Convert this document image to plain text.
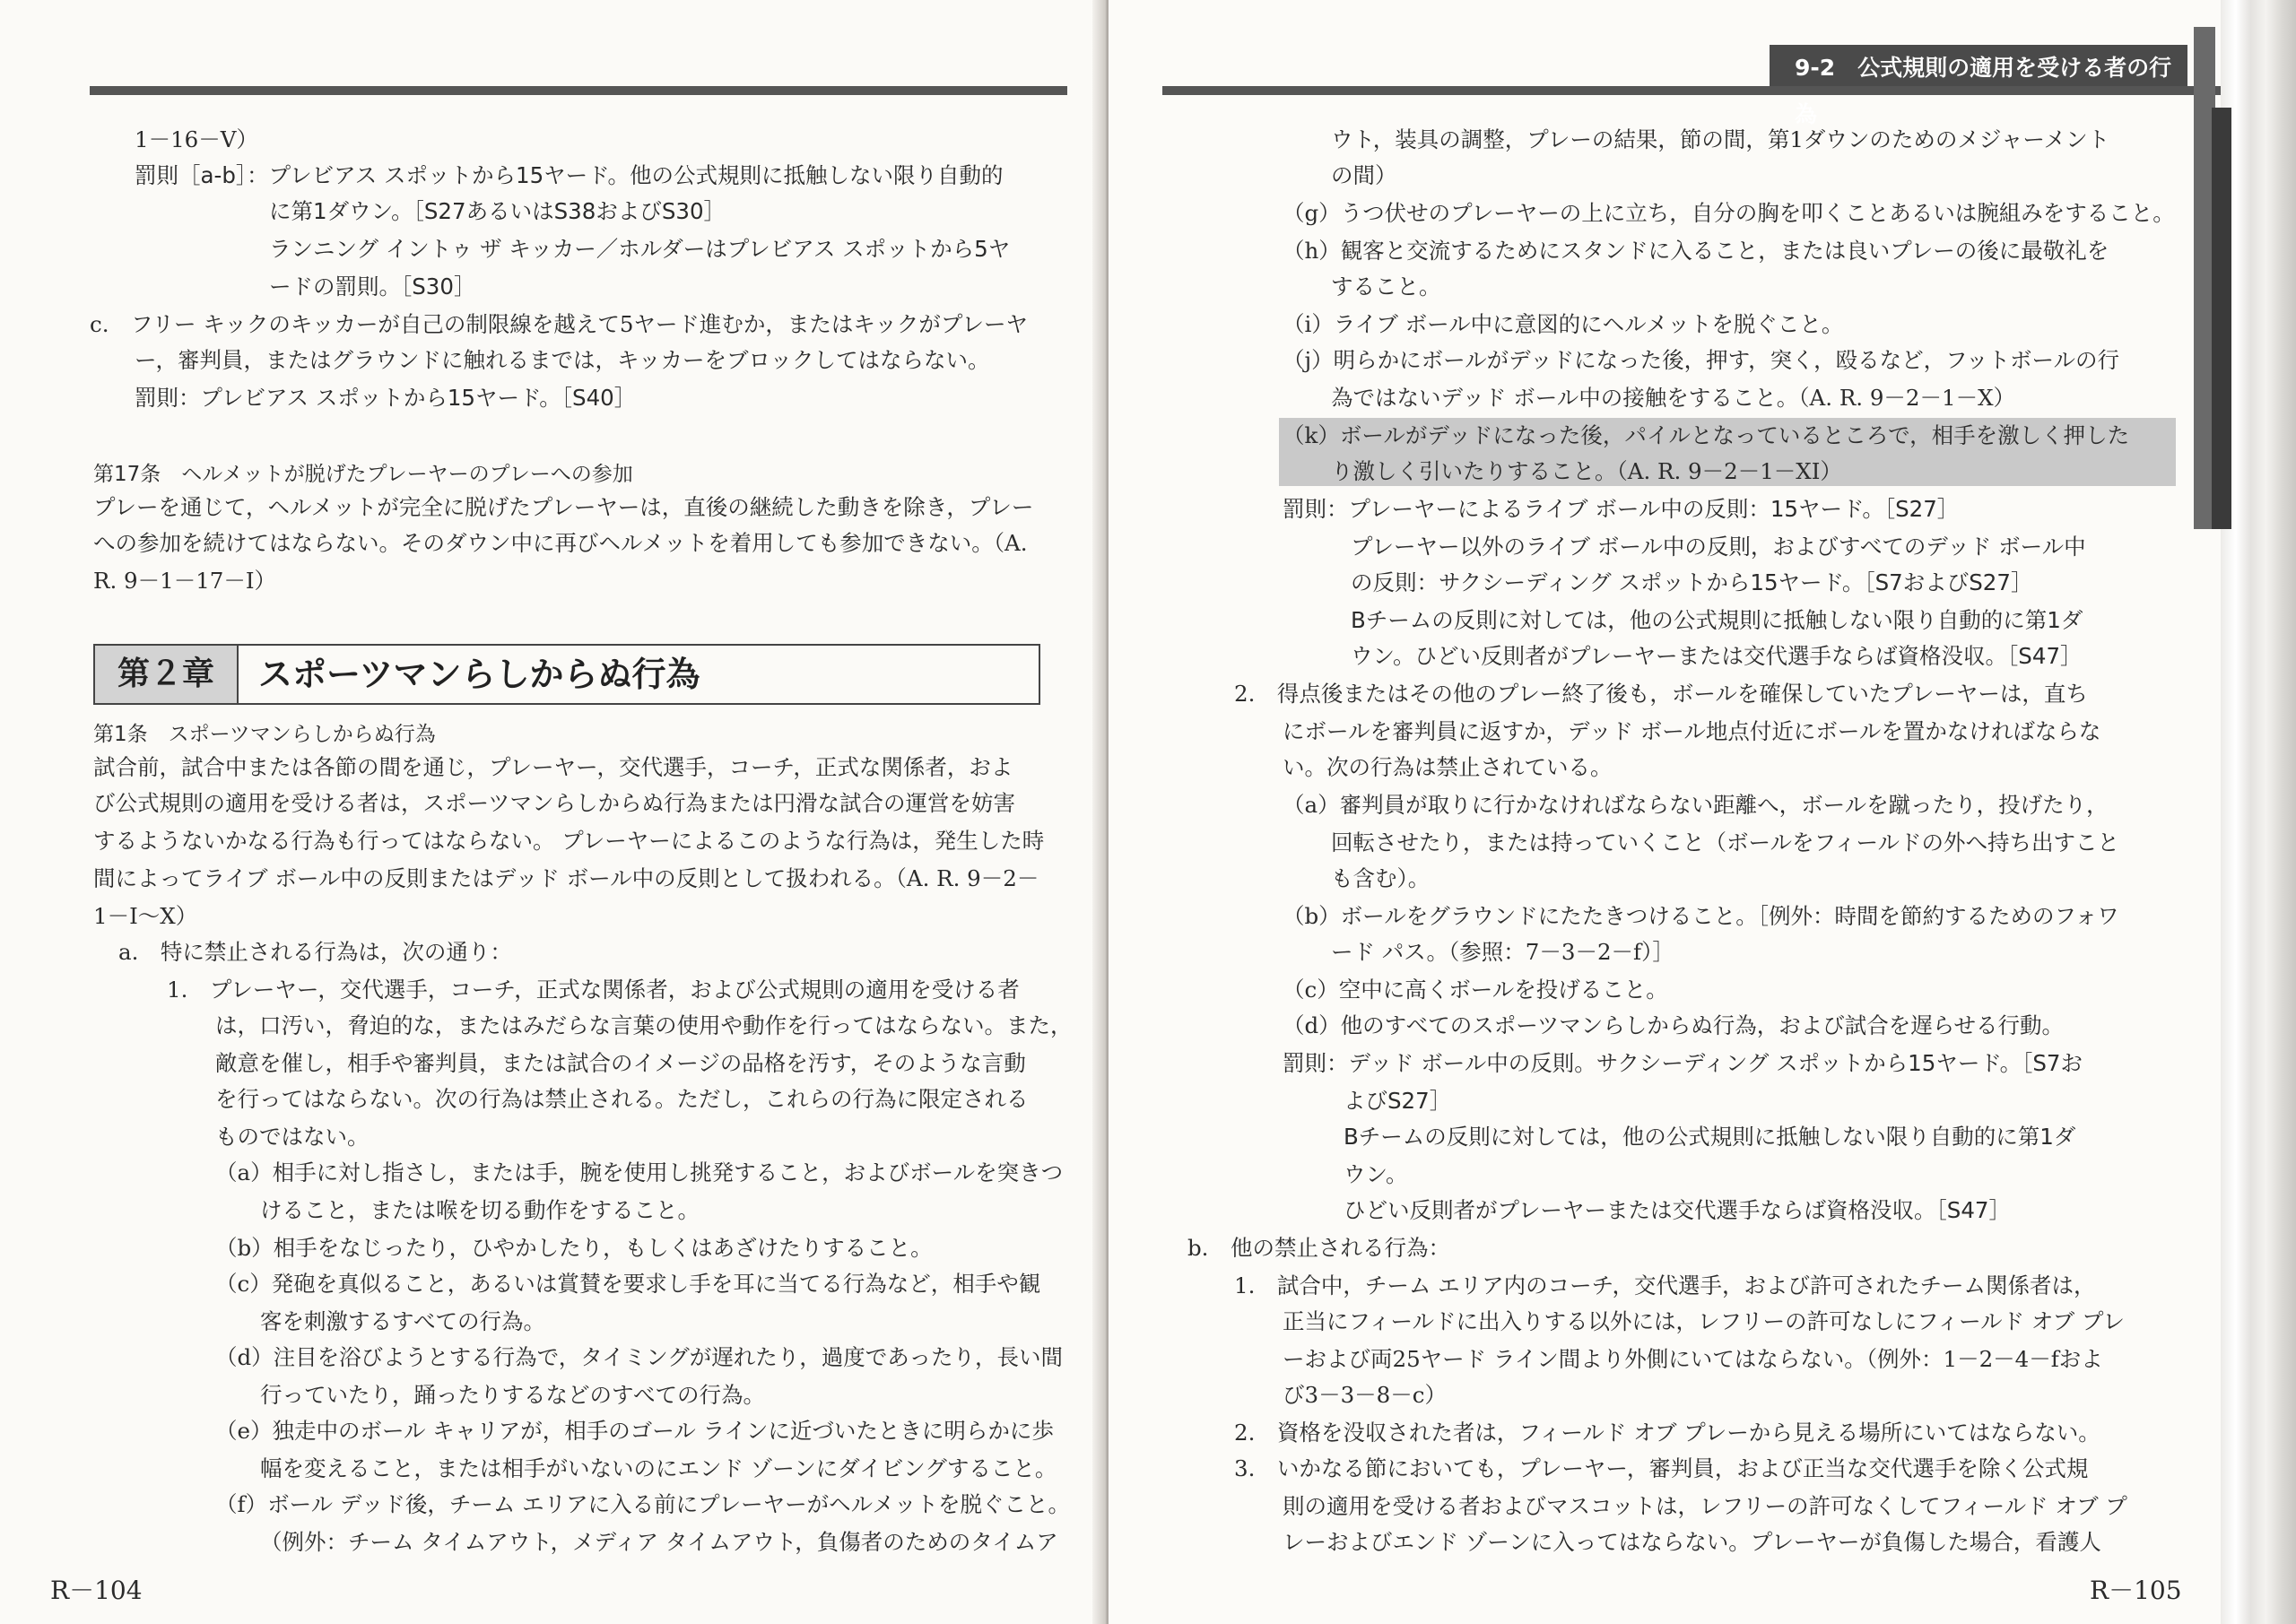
1－16－V）
罰則［a-b］：プレビアス スポットから15ヤード。他の公式規則に抵触しない限り自動的
に第1ダウン。［S27あるいはS38およびS30］
ランニング イントゥ ザ キッカー／ホルダーはプレビアス スポットから5ヤ
ードの罰則。［S30］
c.　フリー キックのキッカーが自己の制限線を越えて5ヤード進むか，またはキックがプレーヤ
ー，審判員，またはグラウンドに触れるまでは，キッカーをブロックしてはならない。
罰則：プレビアス スポットから15ヤード。［S40］
プレーを通じて，ヘルメットが完全に脱げたプレーヤーは，直後の継続した動きを除き，プレー
への参加を続けてはならない。そのダウン中に再びヘルメットを着用しても参加できない。（A.
R. 9－1－17－I）
試合前，試合中または各節の間を通じ，プレーヤー，交代選手，コーチ，正式な関係者，およ
び公式規則の適用を受ける者は，スポーツマンらしからぬ行為または円滑な試合の運営を妨害
するようないかなる行為も行ってはならない。 プレーヤーによるこのような行為は，発生した時
間によってライブ ボール中の反則またはデッド ボール中の反則として扱われる。（A. R. 9－2－
1－I～X）
a.　特に禁止される行為は，次の通り：
1.　プレーヤー，交代選手，コーチ，正式な関係者，および公式規則の適用を受ける者
は，口汚い，脅迫的な，またはみだらな言葉の使用や動作を行ってはならない。また，
敵意を催し，相手や審判員，または試合のイメージの品格を汚す，そのような言動
を行ってはならない。次の行為は禁止される。ただし，これらの行為に限定される
ものではない。
（a）相手に対し指さし，または手，腕を使用し挑発すること，およびボールを突きつ
けること，または喉を切る動作をすること。
（b）相手をなじったり，ひやかしたり，もしくはあざけたりすること。
（c）発砲を真似ること，あるいは賞賛を要求し手を耳に当てる行為など，相手や観
客を刺激するすべての行為。
（d）注目を浴びようとする行為で，タイミングが遅れたり，過度であったり，長い間
行っていたり，踊ったりするなどのすべての行為。
（e）独走中のボール キャリアが，相手のゴール ラインに近づいたときに明らかに歩
幅を変えること，または相手がいないのにエンド ゾーンにダイビングすること。
（f）ボール デッド後，チーム エリアに入る前にプレーヤーがヘルメットを脱ぐこと。
（例外：チーム タイムアウト，メディア タイムアウト，負傷者のためのタイムア
第17条　ヘルメットが脱げたプレーヤーのプレーへの参加
第２章	スポーツマンらしからぬ行為
第1条　スポーツマンらしからぬ行為
R－104
9-2　公式規則の適用を受ける者の行為
ウト，装具の調整，プレーの結果，節の間，第1ダウンのためのメジャーメント
の間）
（g）うつ伏せのプレーヤーの上に立ち，自分の胸を叩くことあるいは腕組みをすること。
（h）観客と交流するためにスタンドに入ること，または良いプレーの後に最敬礼を
すること。
（i）ライブ ボール中に意図的にヘルメットを脱ぐこと。
（j）明らかにボールがデッドになった後，押す，突く，殴るなど，フットボールの行
為ではないデッド ボール中の接触をすること。（A. R. 9－2－1－X）
（k）ボールがデッドになった後，パイルとなっているところで，相手を激しく押した
り激しく引いたりすること。（A. R. 9－2－1－XI）
罰則：プレーヤーによるライブ ボール中の反則：15ヤード。［S27］
プレーヤー以外のライブ ボール中の反則，およびすべてのデッド ボール中
の反則：サクシーディング スポットから15ヤード。［S7およびS27］
Bチームの反則に対しては，他の公式規則に抵触しない限り自動的に第1ダ
ウン。ひどい反則者がプレーヤーまたは交代選手ならば資格没収。［S47］
2.　得点後またはその他のプレー終了後も，ボールを確保していたプレーヤーは，直ち
にボールを審判員に返すか，デッド ボール地点付近にボールを置かなければならな
い。次の行為は禁止されている。
（a）審判員が取りに行かなければならない距離へ，ボールを蹴ったり，投げたり，
回転させたり，または持っていくこと（ボールをフィールドの外へ持ち出すこと
も含む）。
（b）ボールをグラウンドにたたきつけること。［例外：時間を節約するためのフォワ
ード パス。（参照：7－3－2－f）］
（c）空中に高くボールを投げること。
（d）他のすべてのスポーツマンらしからぬ行為，および試合を遅らせる行動。
罰則：デッド ボール中の反則。サクシーディング スポットから15ヤード。［S7お
よびS27］
Bチームの反則に対しては，他の公式規則に抵触しない限り自動的に第1ダ
ウン。
ひどい反則者がプレーヤーまたは交代選手ならば資格没収。［S47］
b.　他の禁止される行為：
1.　試合中，チーム エリア内のコーチ，交代選手，および許可されたチーム関係者は，
正当にフィールドに出入りする以外には，レフリーの許可なしにフィールド オブ プレ
ーおよび両25ヤード ライン間より外側にいてはならない。（例外：1－2－4－fおよ
び3－3－8－c）
2.　資格を没収された者は，フィールド オブ プレーから見える場所にいてはならない。
3.　いかなる節においても，プレーヤー，審判員，および正当な交代選手を除く公式規
則の適用を受ける者およびマスコットは，レフリーの許可なくしてフィールド オブ プ
レーおよびエンド ゾーンに入ってはならない。プレーヤーが負傷した場合，看護人
R－105
